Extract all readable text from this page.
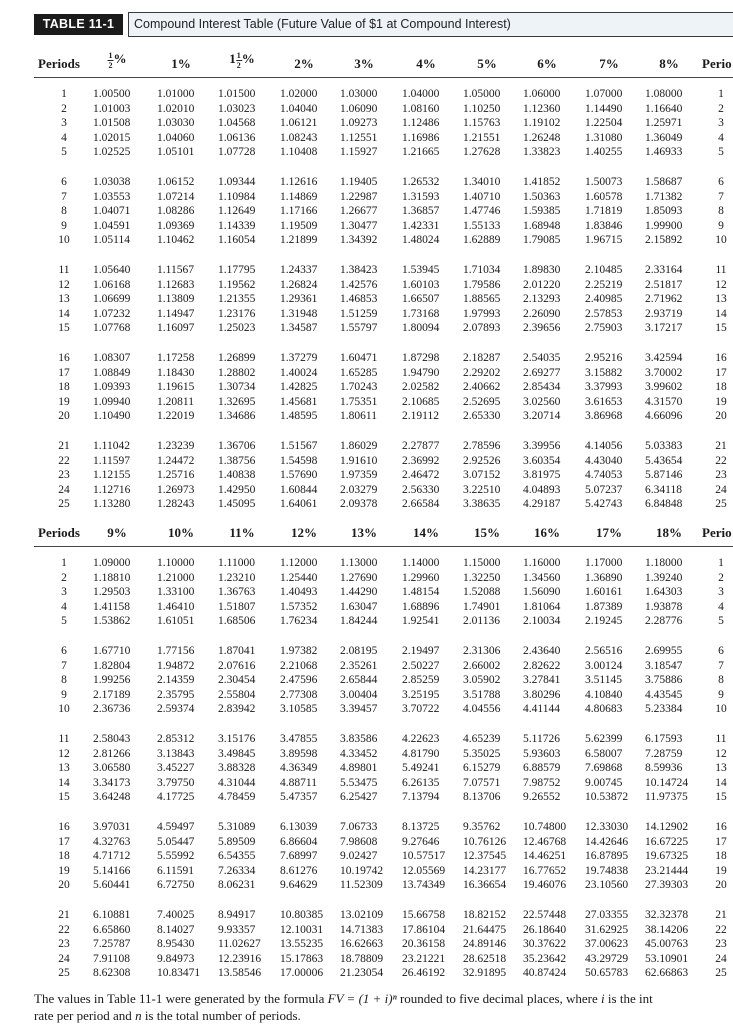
TABLE 11-1	Compound Interest Table (Future Value of $1 at Compound Interest)
Periods	$\frac{1}{2}$ %	1%	$1 \frac{1}{2}$ %	2%	3%	4%	5%	6%	7%	8% Perio
1	1.00500 1.01000 1.01500 1.02000 1.03000 1.04000 1.05000 1.06000 1.07000 1.08000	1
2	1.01003 1.02010 1.03023 1.04040 1.06090 1.08160 1.10250 1.12360 1.14490 1.16640	2
3	1.01508 1.03030 1.04568 1.06121 1.09273 1.12486 1.15763 1.19102 1.22504 1.25971	3
4	1.02015 1.04060 1.06136 1.08243 1.12551 1.16986 1.21551 1.26248 1.31080 1.36049	4
5	1.02525 1.05101 1.07728 1.10408 1.15927 1.21665 1.27628 1.33823 1.40255 1.46933	5
6	1.03038 1.06152 1.09344 1.12616 1.19405 1.26532 1.34010 1.41852 1.50073 1.58687	6
7	1.03553 1.07214 1.10984 1.14869 1.22987 1.31593 1.40710 1.50363 1.60578 1.71382	7
8	1.04071 1.08286 1.12649 1.17166 1.26677 1.36857 1.47746 1.59385 1.71819 1.85093	8
9	1.04591 1.09369 1.14339 1.19509 1.30477 1.42331 1.55133 1.68948 1.83846 1.99900	9
10	1.05114 1.10462 1.16054 1.21899 1.34392 1.48024 1.62889 1.79085 1.96715 2.15892	10
11	1.05640 1.11567 1.17795 1.24337 1.38423 1.53945 1.71034 1.89830 2.10485 2.33164	11
12	1.06168 1.12683 1.19562 1.26824 1.42576 1.60103 1.79586 2.01220 2.25219 2.51817	12
13	1.06699 1.13809 1.21355 1.29361 1.46853 1.66507 1.88565 2.13293 2.40985 2.71962	13
14	1.07232 1.14947 1.23176 1.31948 1.51259 1.73168 1.97993 2.26090 2.57853 2.93719	14
15	1.07768 1.16097 1.25023 1.34587 1.55797 1.80094 2.07893 2.39656 2.75903 3.17217	15
16	1.08307 1.17258 1.26899 1.37279 1.60471 1.87298 2.18287 2.54035 2.95216 3.42594	16
17	1.08849 1.18430 1.28802 1.40024 1.65285 1.94790 2.29202 2.69277 3.15882 3.70002	17
18	1.09393 1.19615 1.30734 1.42825 1.70243 2.02582 2.40662 2.85434 3.37993 3.99602	18
19	1.09940 1.20811 1.32695 1.45681 1.75351 2.10685 2.52695 3.02560 3.61653 4.31570	19
20	1.10490 1.22019 1.34686 1.48595 1.80611 2.19112 2.65330 3.20714 3.86968 4.66096	20
21	1.11042 1.23239 1.36706 1.51567 1.86029 2.27877 2.78596 3.39956 4.14056 5.03383	21
22	1.11597 1.24472 1.38756 1.54598 1.91610 2.36992 2.92526 3.60354 4.43040 5.43654	22
23	1.12155 1.25716 1.40838 1.57690 1.97359 2.46472 3.07152 3.81975 4.74053 5.87146	23
24	1.12716 1.26973 1.42950 1.60844 2.03279 2.56330 3.22510 4.04893 5.07237 6.34118	24
25	1.13280 1.28243 1.45095 1.64061 2.09378 2.66584 3.38635 4.29187 5.42743 6.84848	25
Periods 9%	10%	11%	12%	13%	14%	15%	16%	17%	18% Perio
1	1.09000 1.10000 1.11000 1.12000 1.13000 1.14000 1.15000 1.16000 1.17000 1.18000	1
2	1.18810 1.21000 1.23210 1.25440 1.27690 1.29960 1.32250 1.34560 1.36890 1.39240	2
3	1.29503 1.33100 1.36763 1.40493 1.44290 1.48154 1.52088 1.56090 1.60161 1.64303	3
4	1.41158 1.46410 1.51807 1.57352 1.63047 1.68896 1.74901 1.81064 1.87389 1.93878	4
5	1.53862 1.61051 1.68506 1.76234 1.84244 1.92541 2.01136 2.10034 2.19245 2.28776	5
6	1.67710 1.77156 1.87041 1.97382 2.08195 2.19497 2.31306 2.43640 2.56516 2.69955	6
7	1.82804 1.94872 2.07616 2.21068 2.35261 2.50227 2.66002 2.82622 3.00124 3.18547	7
8	1.99256 2.14359 2.30454 2.47596 2.65844 2.85259 3.05902 3.27841 3.51145 3.75886	8
9	2.17189 2.35795 2.55804 2.77308 3.00404 3.25195 3.51788 3.80296 4.10840 4.43545	9
10	2.36736 2.59374 2.83942 3.10585 3.39457 3.70722 4.04556 4.41144 4.80683 5.23384	10
11	2.58043 2.85312 3.15176 3.47855 3.83586 4.22623 4.65239 5.11726 5.62399 6.17593	11
12	2.81266 3.13843 3.49845 3.89598 4.33452 4.81790 5.35025 5.93603 6.58007 7.28759	12
13	3.06580 3.45227 3.88328 4.36349 4.89801 5.49241 6.15279 6.88579 7.69868 8.59936	13
14	3.34173 3.79750 4.31044 4.88711 5.53475 6.26135 7.07571 7.98752 9.00745 10.14724	14
15	3.64248 4.17725 4.78459 5.47357 6.25427 7.13794 8.13706 9.26552 10.53872 11.97375	15
16	3.97031 4.59497 5.31089 6.13039 7.06733 8.13725 9.35762 10.74800 12.33030 14.12902	16
17	4.32763 5.05447 5.89509 6.86604 7.98608 9.27646 10.76126 12.46768 14.42646 16.67225	17
18	4.71712 5.55992 6.54355 7.68997 9.02427 10.57517 12.37545 14.46251 16.87895 19.67325	18
19	5.14166 6.11591 7.26334 8.61276 10.19742 12.05569 14.23177 16.77652 19.74838 23.21444	19
20	5.60441 6.72750 8.06231 9.64629 11.52309 13.74349 16.36654 19.46076 23.10560 27.39303	20
21	6.10881 7.40025 8.94917 10.80385 13.02109 15.66758 18.82152 22.57448 27.03355 32.32378	21
22	6.65860 8.14027 9.93357 12.10031 14.71383 17.86104 21.64475 26.18640 31.62925 38.14206	22
23	7.25787 8.95430 11.02627 13.55235 16.62663 20.36158 24.89146 30.37622 37.00623 45.00763	23
24	7.91108 9.84973 12.23916 15.17863 18.78809 23.21221 28.62518 35.23642 43.29729 53.10901	24
25	8.62308 10.83471 13.58546 17.00006 21.23054 26.46192 32.91895 40.87424 50.65783 62.66863	25
The values in Table 11-1 were generated by the formula FV = (1 + i)ⁿ rounded to five decimal places, where i is the int
rate per period and n is the total number of periods.
